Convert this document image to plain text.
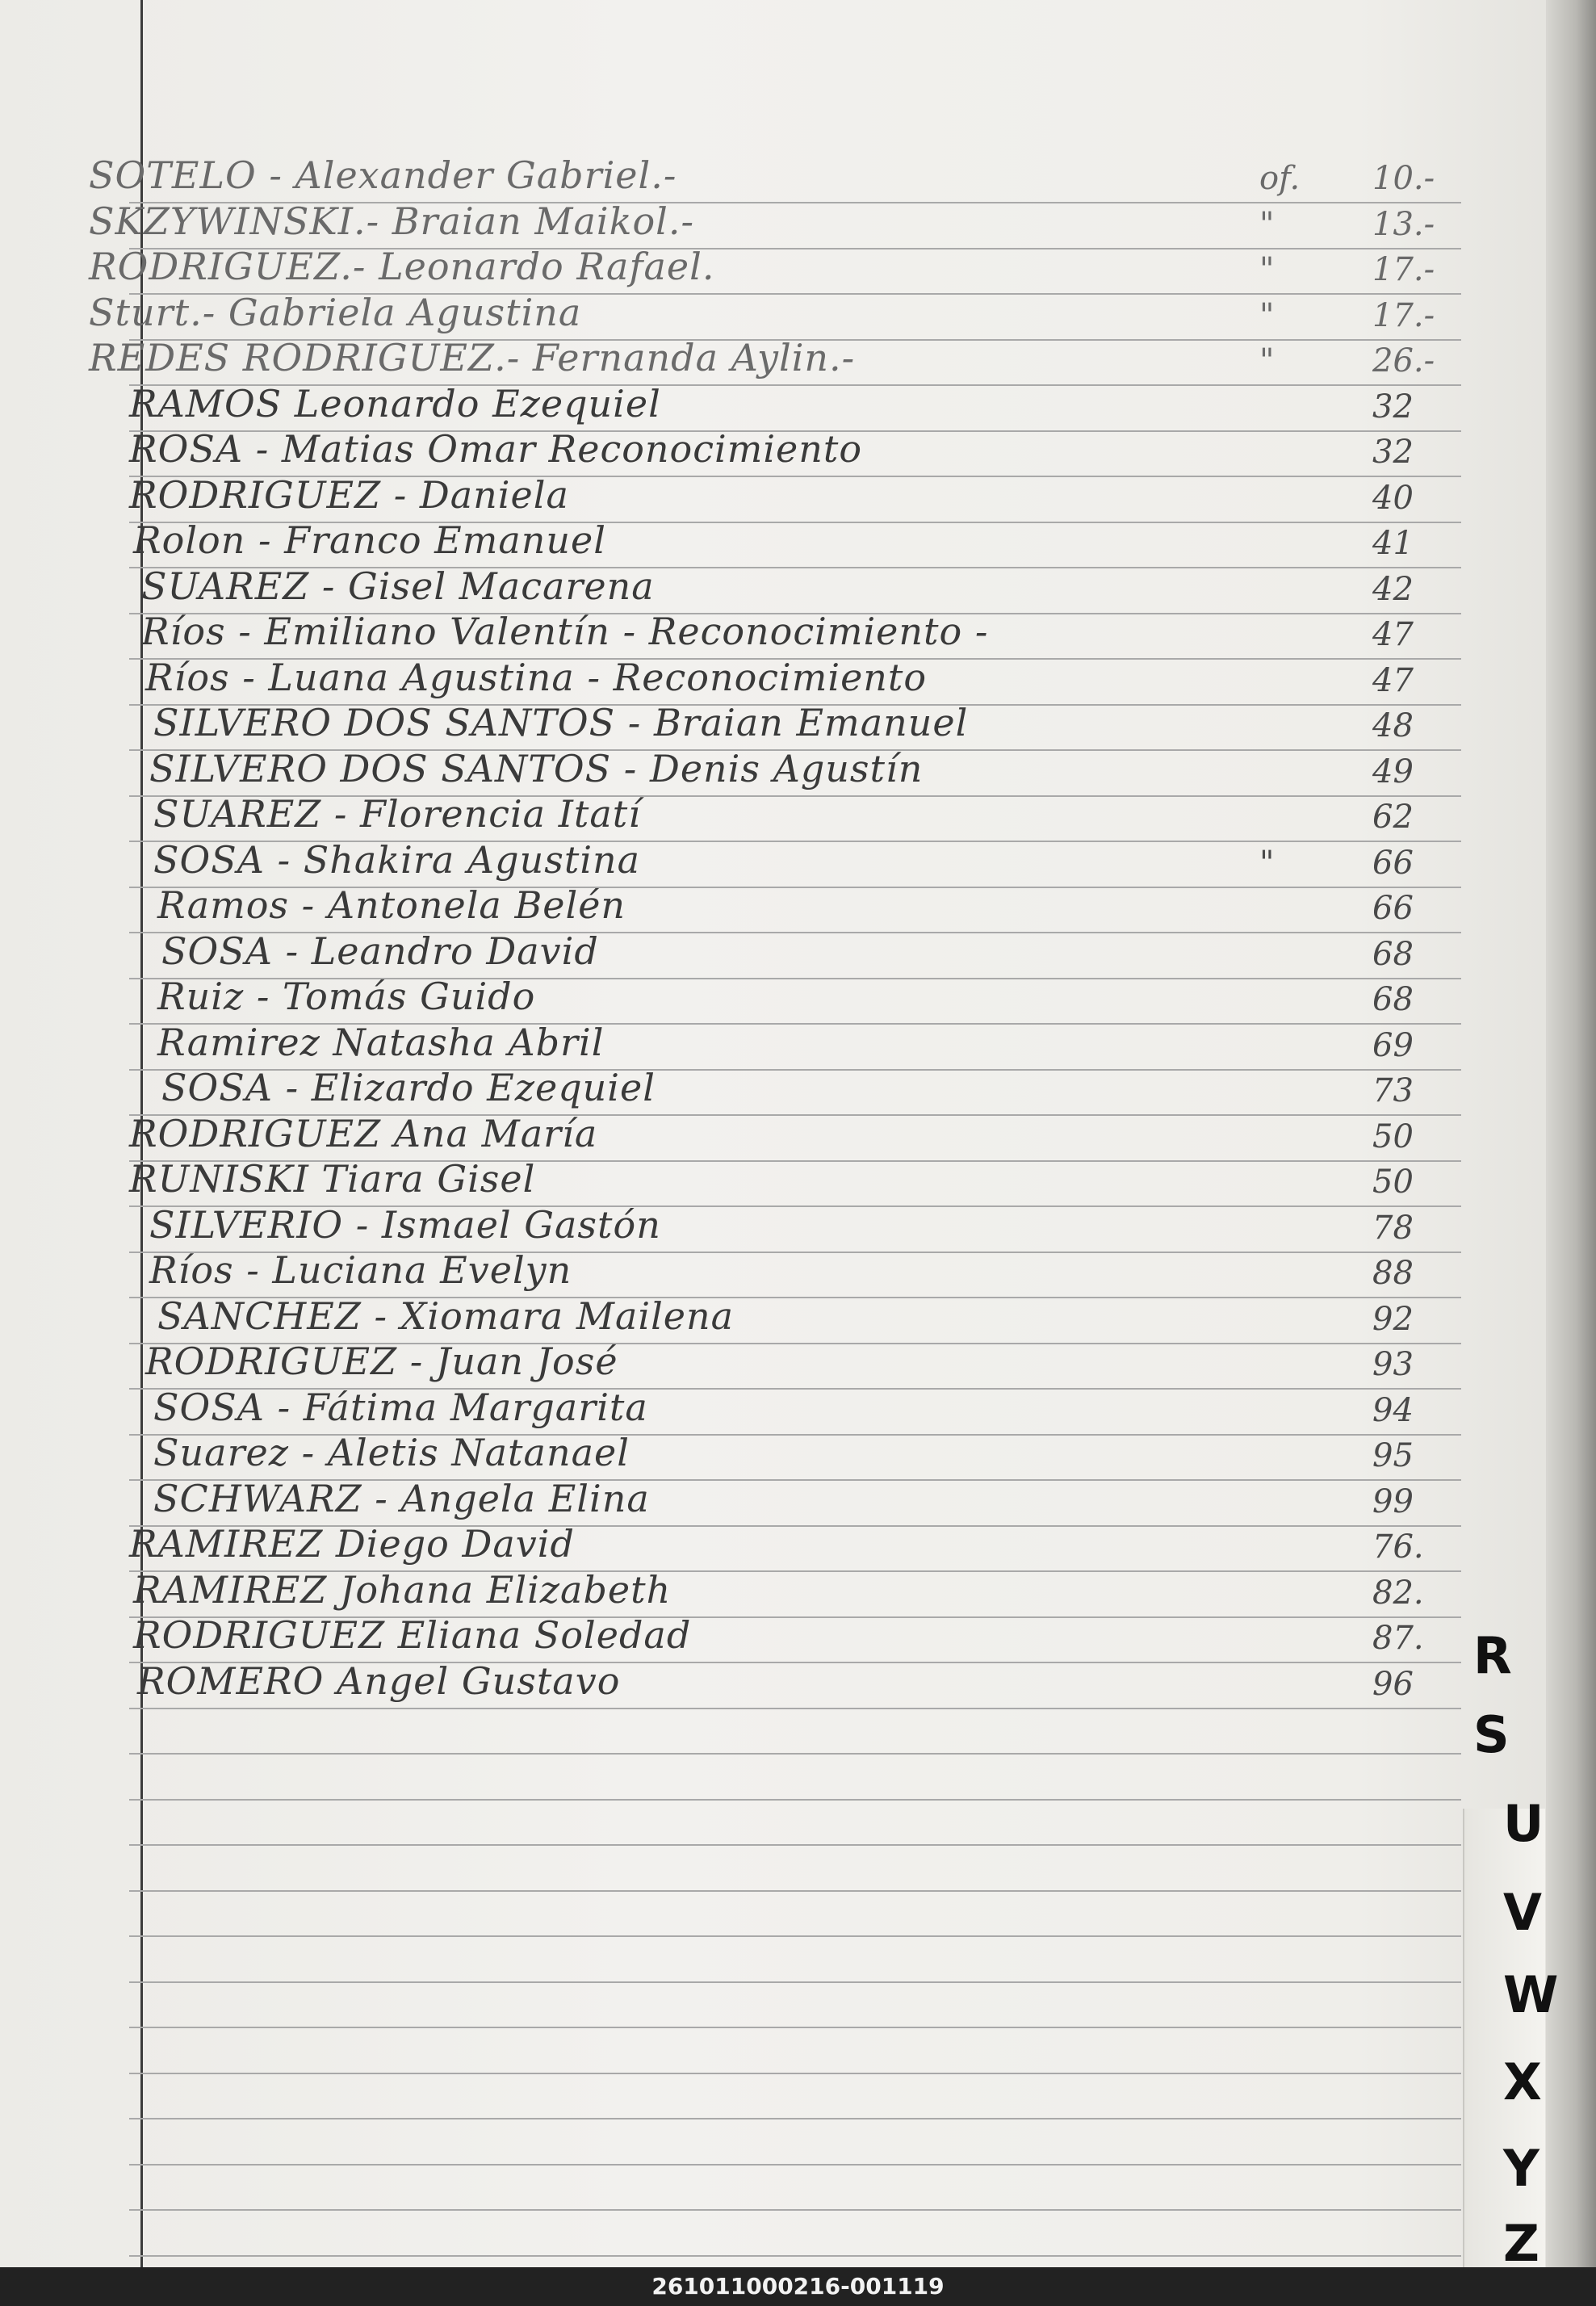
SOTELO - Alexander Gabriel.-	of. 10.-
SKZYWINSKI.- Braian Maikol.-	"	13.-
RODRIGUEZ.- Leonardo Rafael.	"	17.-
Sturt.- Gabriela Agustina	"	17.-
REDES RODRIGUEZ.- Fernanda Aylin.-	"	26.-
RAMOS Leonardo Ezequiel	32
ROSA - Matias Omar Reconocimiento	32
RODRIGUEZ - Daniela	40
Rolon - Franco Emanuel	41
SUAREZ - Gisel Macarena	42
Ríos - Emiliano Valentín - Reconocimiento -	47
Ríos - Luana Agustina - Reconocimiento	47
SILVERO DOS SANTOS - Braian Emanuel	48
SILVERO DOS SANTOS - Denis Agustín	49
SUAREZ - Florencia Itatí	62
SOSA - Shakira Agustina	"	66
Ramos - Antonela Belén	66
SOSA - Leandro David	68
Ruiz - Tomás Guido	68
Ramirez Natasha Abril	69
SOSA - Elizardo Ezequiel	73
RODRIGUEZ Ana María	50
RUNISKI Tiara Gisel	50
SILVERIO - Ismael Gastón	78
Ríos - Luciana Evelyn	88
SANCHEZ - Xiomara Mailena	92
RODRIGUEZ - Juan José	93
SOSA - Fátima Margarita	94
Suarez - Aletis Natanael	95
SCHWARZ - Angela Elina	99
RAMIREZ Diego David	76.
RAMIREZ Johana Elizabeth	82.
RODRIGUEZ Eliana Soledad	87.
ROMERO Angel Gustavo	96 R
S
U
V
W
X
Y
Z
261011000216-001119
